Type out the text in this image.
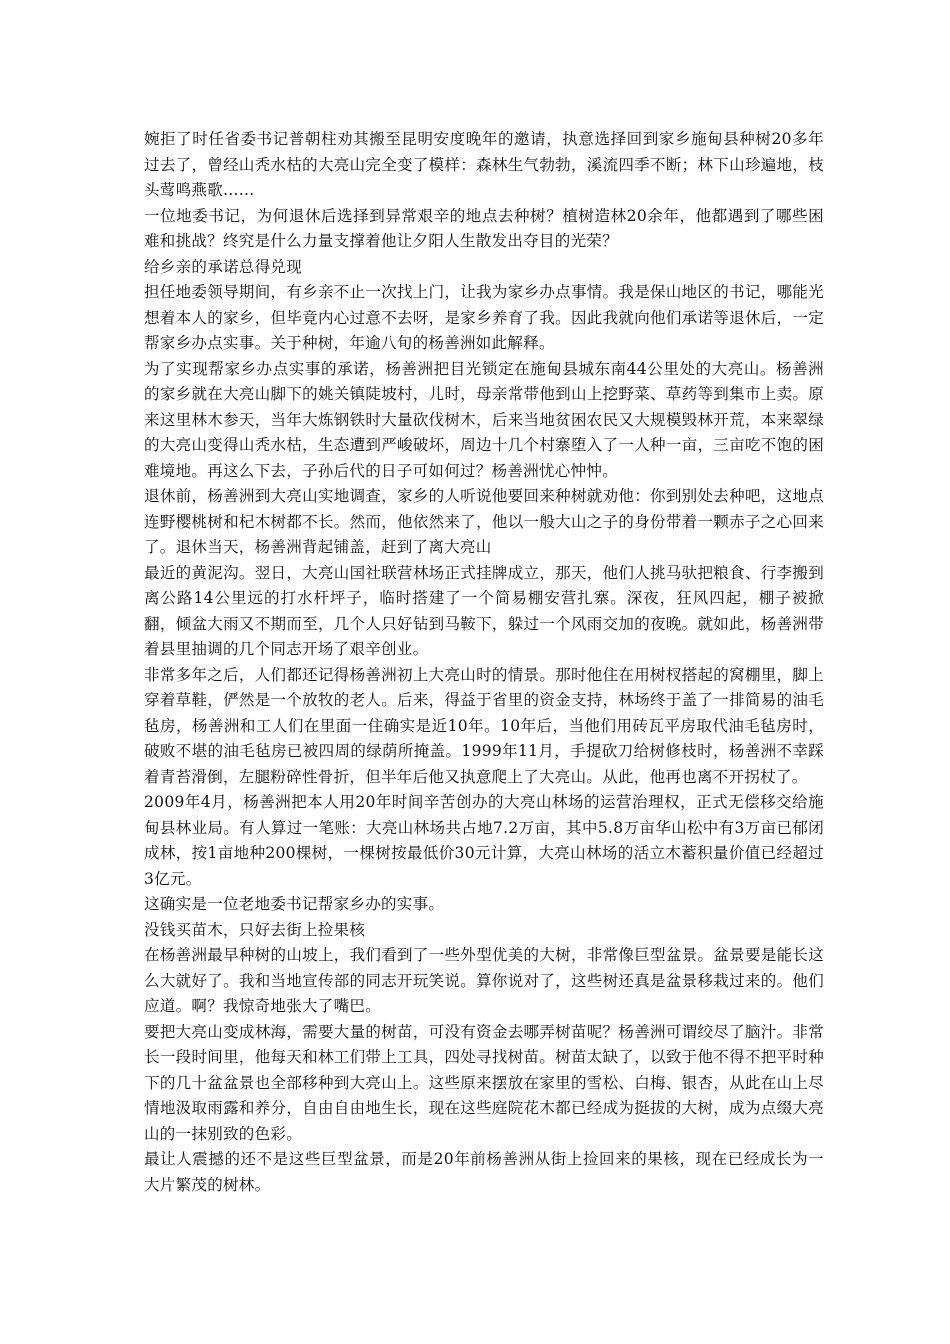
婉拒了时任省委书记普朝柱劝其搬至昆明安度晚年的邀请，执意选择回到家乡施甸县种树20多年过去了，曾经山秃水枯的大亮山完全变了模样：森林生气勃勃，溪流四季不断；林下山珍遍地，枝头莺鸣燕歌……

一位地委书记，为何退休后选择到异常艰辛的地点去种树？植树造林20余年，他都遇到了哪些困难和挑战？终究是什么力量支撑着他让夕阳人生散发出夺目的光荣？

给乡亲的承诺总得兑现

担任地委领导期间，有乡亲不止一次找上门，让我为家乡办点事情。我是保山地区的书记，哪能光想着本人的家乡，但毕竟内心过意不去呀，是家乡养育了我。因此我就向他们承诺等退休后，一定帮家乡办点实事。关于种树，年逾八旬的杨善洲如此解释。

为了实现帮家乡办点实事的承诺，杨善洲把目光锁定在施甸县城东南44公里处的大亮山。杨善洲的家乡就在大亮山脚下的姚关镇陡坡村，儿时，母亲常带他到山上挖野菜、草药等到集市上卖。原来这里林木参天，当年大炼钢铁时大量砍伐树木，后来当地贫困农民又大规模毁林开荒，本来翠绿的大亮山变得山秃水枯，生态遭到严峻破坏，周边十几个村寨堕入了一人种一亩，三亩吃不饱的困难境地。再这么下去，子孙后代的日子可如何过？杨善洲忧心忡忡。

退休前，杨善洲到大亮山实地调查，家乡的人听说他要回来种树就劝他：你到别处去种吧，这地点连野樱桃树和杞木树都不长。然而，他依然来了，他以一般大山之子的身份带着一颗赤子之心回来了。退休当天，杨善洲背起铺盖，赶到了离大亮山

最近的黄泥沟。翌日，大亮山国社联营林场正式挂牌成立，那天，他们人挑马驮把粮食、行李搬到离公路14公里远的打水杆坪子，临时搭建了一个简易棚安营扎寨。深夜，狂风四起，棚子被掀翻，倾盆大雨又不期而至，几个人只好钻到马鞍下，躲过一个风雨交加的夜晚。就如此，杨善洲带着县里抽调的几个同志开场了艰辛创业。

非常多年之后，人们都还记得杨善洲初上大亮山时的情景。那时他住在用树杈搭起的窝棚里，脚上穿着草鞋，俨然是一个放牧的老人。后来，得益于省里的资金支持，林场终于盖了一排简易的油毛毡房，杨善洲和工人们在里面一住确实是近10年。10年后，当他们用砖瓦平房取代油毛毡房时，破败不堪的油毛毡房已被四周的绿荫所掩盖。1999年11月，手提砍刀给树修枝时，杨善洲不幸踩着青苔滑倒，左腿粉碎性骨折，但半年后他又执意爬上了大亮山。从此，他再也离不开拐杖了。

2009年4月，杨善洲把本人用20年时间辛苦创办的大亮山林场的运营治理权，正式无偿移交给施甸县林业局。有人算过一笔账：大亮山林场共占地7.2万亩，其中5.8万亩华山松中有3万亩已郁闭成林，按1亩地种200棵树，一棵树按最低价30元计算，大亮山林场的活立木蓄积量价值已经超过3亿元。

这确实是一位老地委书记帮家乡办的实事。

没钱买苗木，只好去街上捡果核

在杨善洲最早种树的山坡上，我们看到了一些外型优美的大树，非常像巨型盆景。盆景要是能长这么大就好了。我和当地宣传部的同志开玩笑说。算你说对了，这些树还真是盆景移栽过来的。他们应道。啊？我惊奇地张大了嘴巴。

要把大亮山变成林海，需要大量的树苗，可没有资金去哪弄树苗呢？杨善洲可谓绞尽了脑汁。非常长一段时间里，他每天和林工们带上工具，四处寻找树苗。树苗太缺了，以致于他不得不把平时种下的几十盆盆景也全部移种到大亮山上。这些原来摆放在家里的雪松、白梅、银杏，从此在山上尽情地汲取雨露和养分，自由自由地生长，现在这些庭院花木都已经成为挺拔的大树，成为点缀大亮山的一抹别致的色彩。

最让人震撼的还不是这些巨型盆景，而是20年前杨善洲从街上捡回来的果核，现在已经成长为一大片繁茂的树林。
